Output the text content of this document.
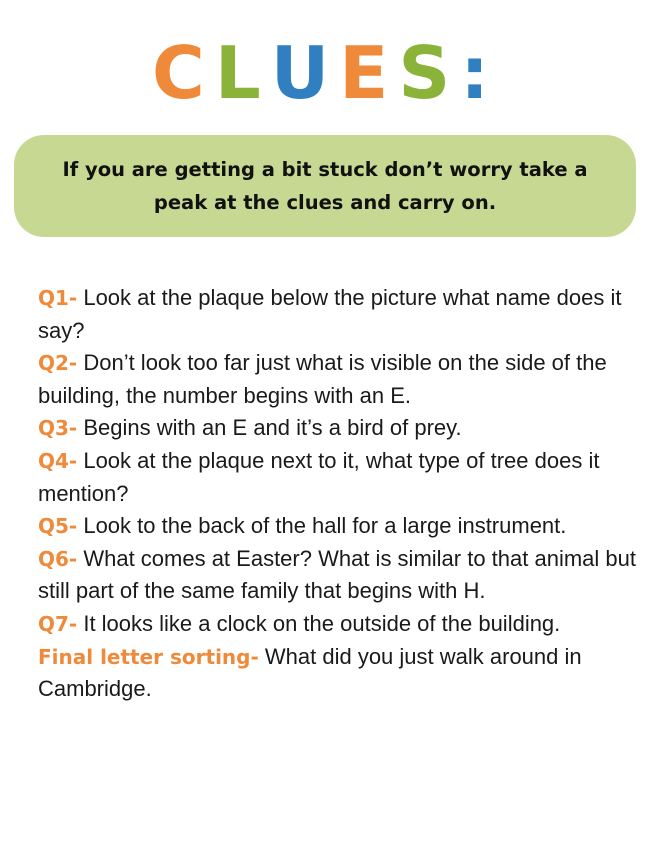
CLUES:
If you are getting a bit stuck don’t worry take a peak at the clues and carry on.
Q1- Look at the plaque below the picture what name does it say?
Q2- Don’t look too far just what is visible on the side of the building, the number begins with an E.
Q3- Begins with an E and it’s a bird of prey.
Q4- Look at the plaque next to it, what type of tree does it mention?
Q5- Look to the back of the hall for a large instrument.
Q6- What comes at Easter? What is similar to that animal but still part of the same family that begins with H.
Q7- It looks like a clock on the outside of the building.
Final letter sorting- What did you just walk around in Cambridge.
